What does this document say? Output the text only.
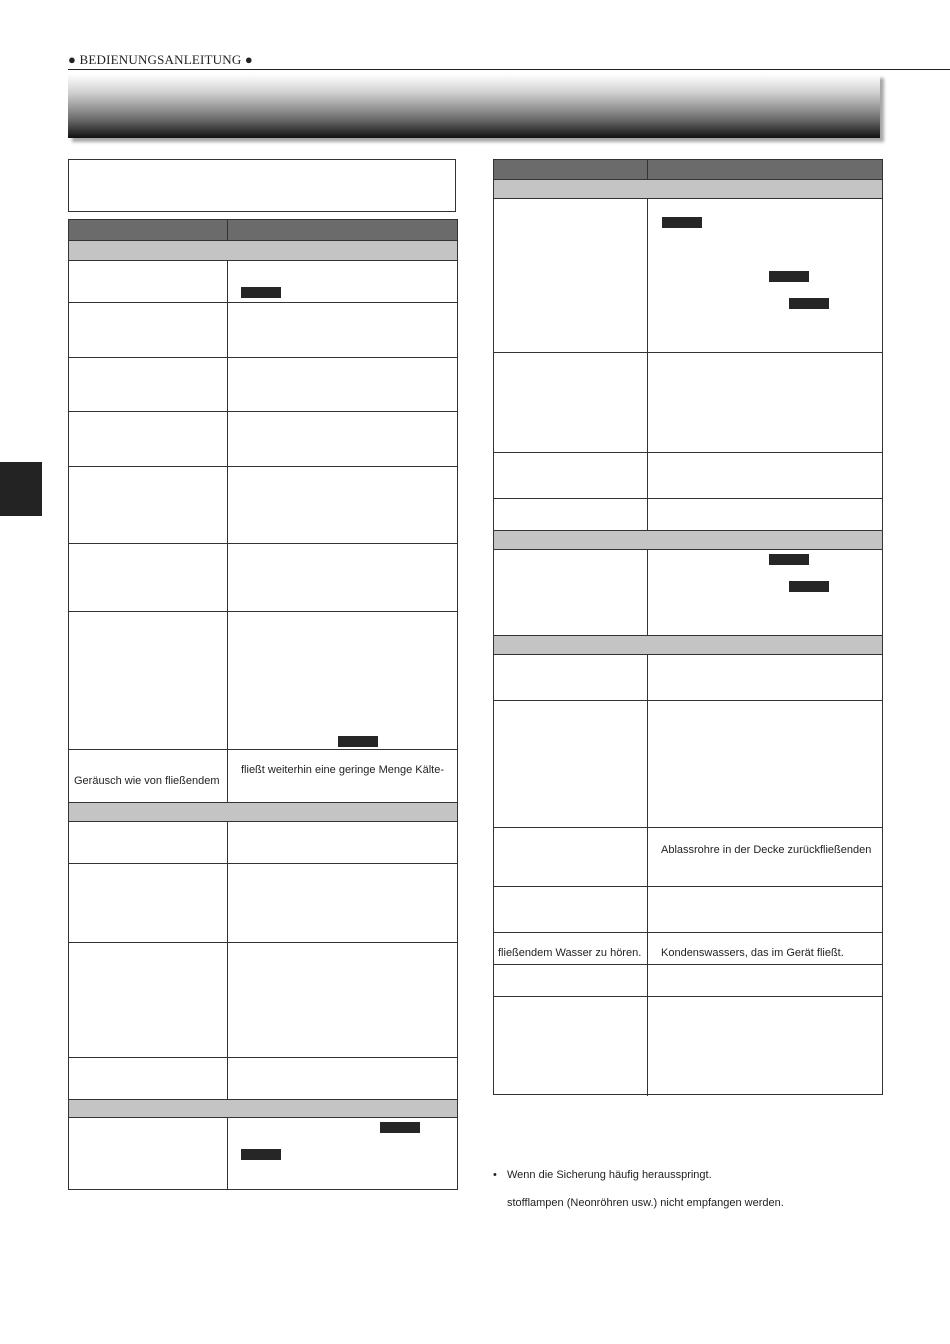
● BEDIENUNGSANLEITUNG ●
Geräusch wie von fließendem
fließt weiterhin eine geringe Menge Kälte-
Ablassrohre in der Decke zurückfließenden
fließendem Wasser zu hören. Kondenswassers, das im Gerät fließt.
• Wenn die Sicherung häufig herausspringt.
stofflampen (Neonröhren usw.) nicht empfangen werden.
